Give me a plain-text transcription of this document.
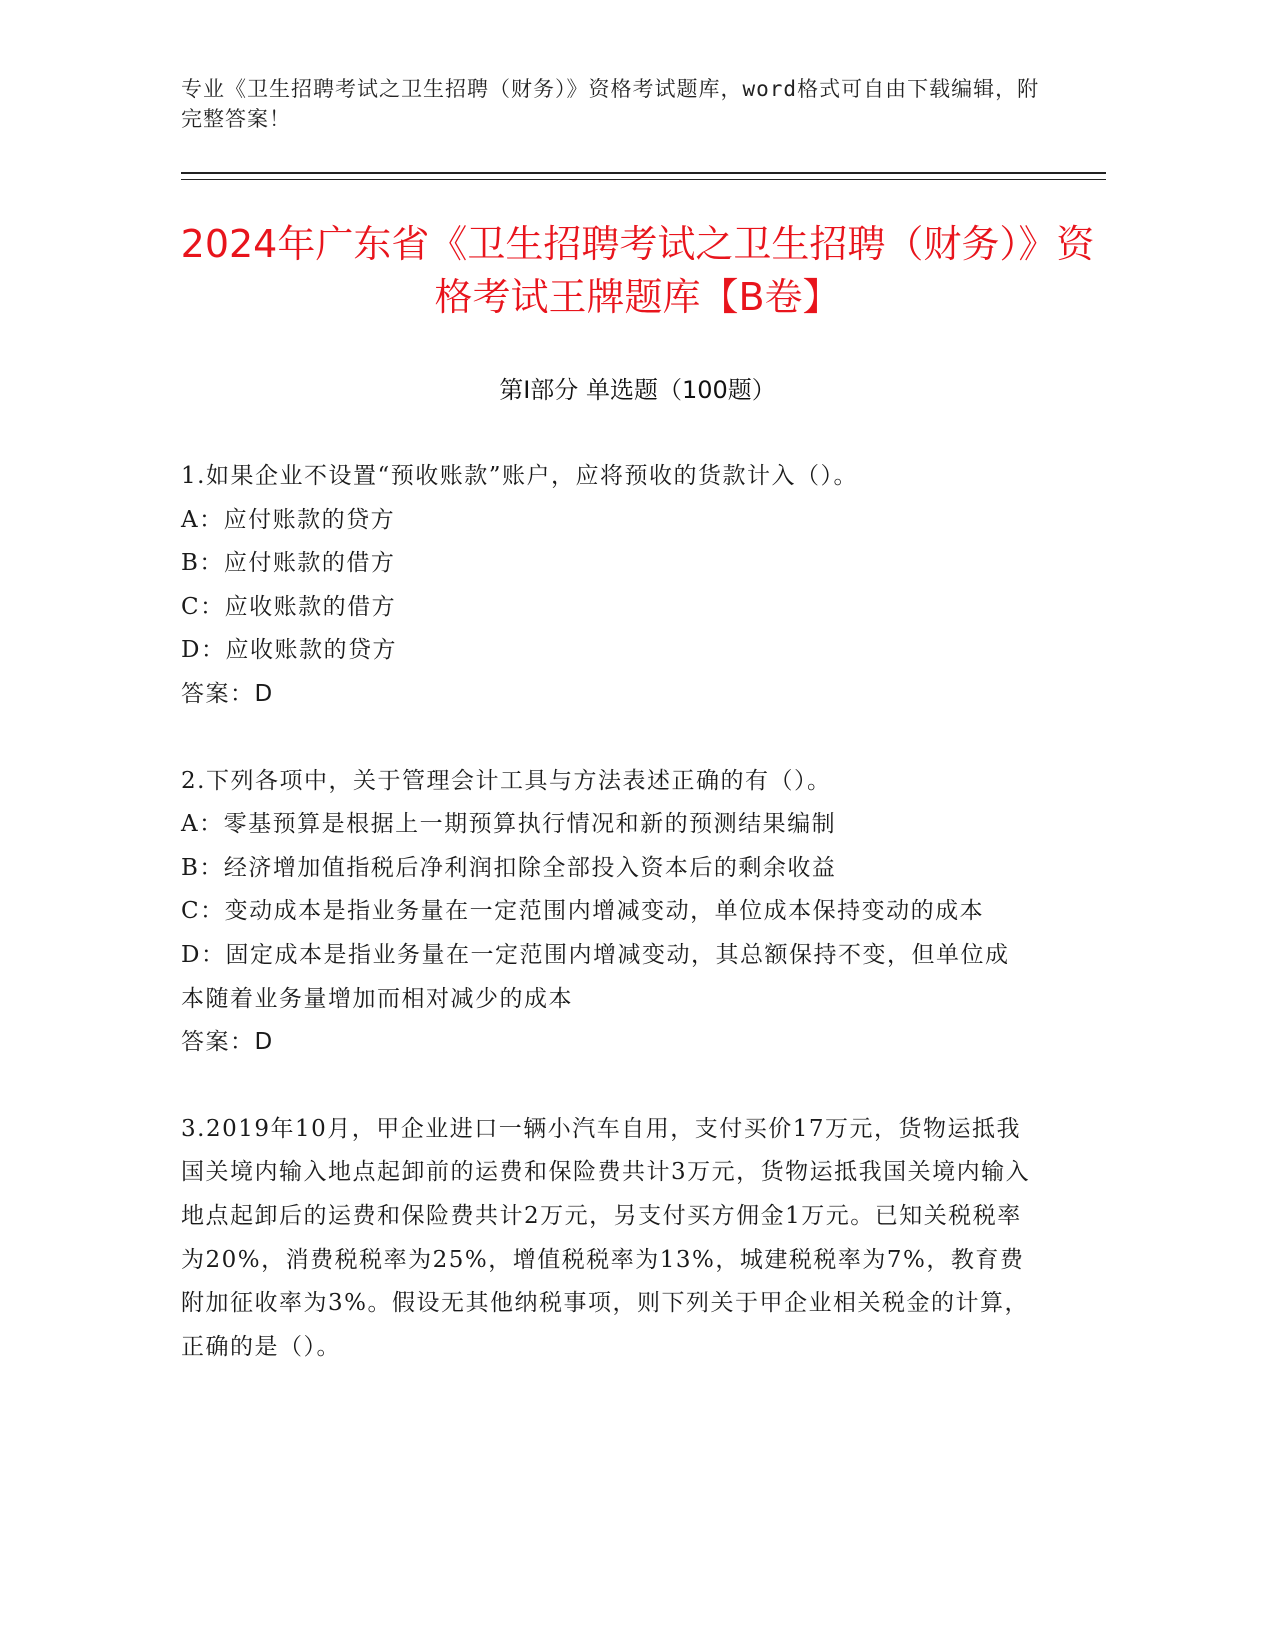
专业《卫生招聘考试之卫生招聘（财务）》资格考试题库，word格式可自由下载编辑，附完整答案！
2024年广东省《卫生招聘考试之卫生招聘（财务）》资格考试王牌题库【B卷】
第Ⅰ部分 单选题（100题）
1.如果企业不设置“预收账款”账户，应将预收的货款计入（）。
A：应付账款的贷方
B：应付账款的借方
C：应收账款的借方
D：应收账款的贷方
答案：D
2.下列各项中，关于管理会计工具与方法表述正确的有（）。
A：零基预算是根据上一期预算执行情况和新的预测结果编制
B：经济增加值指税后净利润扣除全部投入资本后的剩余收益
C：变动成本是指业务量在一定范围内增减变动，单位成本保持变动的成本
D：固定成本是指业务量在一定范围内增减变动，其总额保持不变，但单位成本随着业务量增加而相对减少的成本
答案：D
3.2019年10月，甲企业进口一辆小汽车自用，支付买价17万元，货物运抵我国关境内输入地点起卸前的运费和保险费共计3万元，货物运抵我国关境内输入地点起卸后的运费和保险费共计2万元，另支付买方佣金1万元。已知关税税率为20%，消费税税率为25%，增值税税率为13%，城建税税率为7%，教育费附加征收率为3%。假设无其他纳税事项，则下列关于甲企业相关税金的计算，正确的是（）。
